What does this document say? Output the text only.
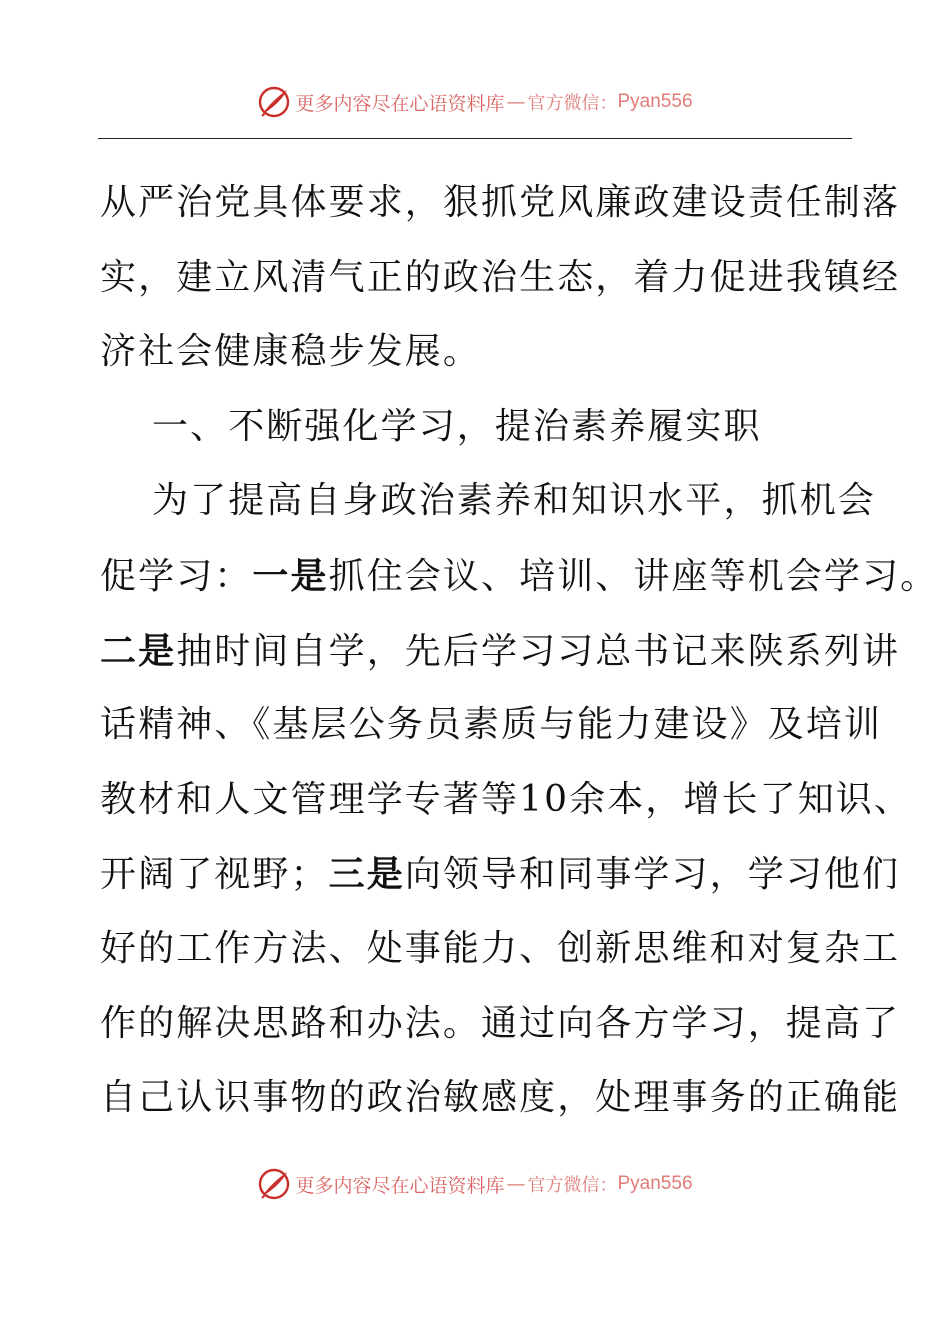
更多内容尽在心语资料库 — 官方微信： Pyan556
从严治党具体要求，狠抓党风廉政建设责任制落
实，建立风清气正的政治生态，着力促进我镇经
济社会健康稳步发展。
一、不断强化学习，提治素养履实职
为了提高自身政治素养和知识水平，抓机会
促学习：一是抓住会议、培训、讲座等机会学习。
二是抽时间自学，先后学习习总书记来陕系列讲
话精神、《基层公务员素质与能力建设》及培训
教材和人文管理学专著等10余本，增长了知识、
开阔了视野；三是向领导和同事学习，学习他们
好的工作方法、处事能力、创新思维和对复杂工
作的解决思路和办法。通过向各方学习，提高了
自己认识事物的政治敏感度，处理事务的正确能
更多内容尽在心语资料库 — 官方微信： Pyan556
